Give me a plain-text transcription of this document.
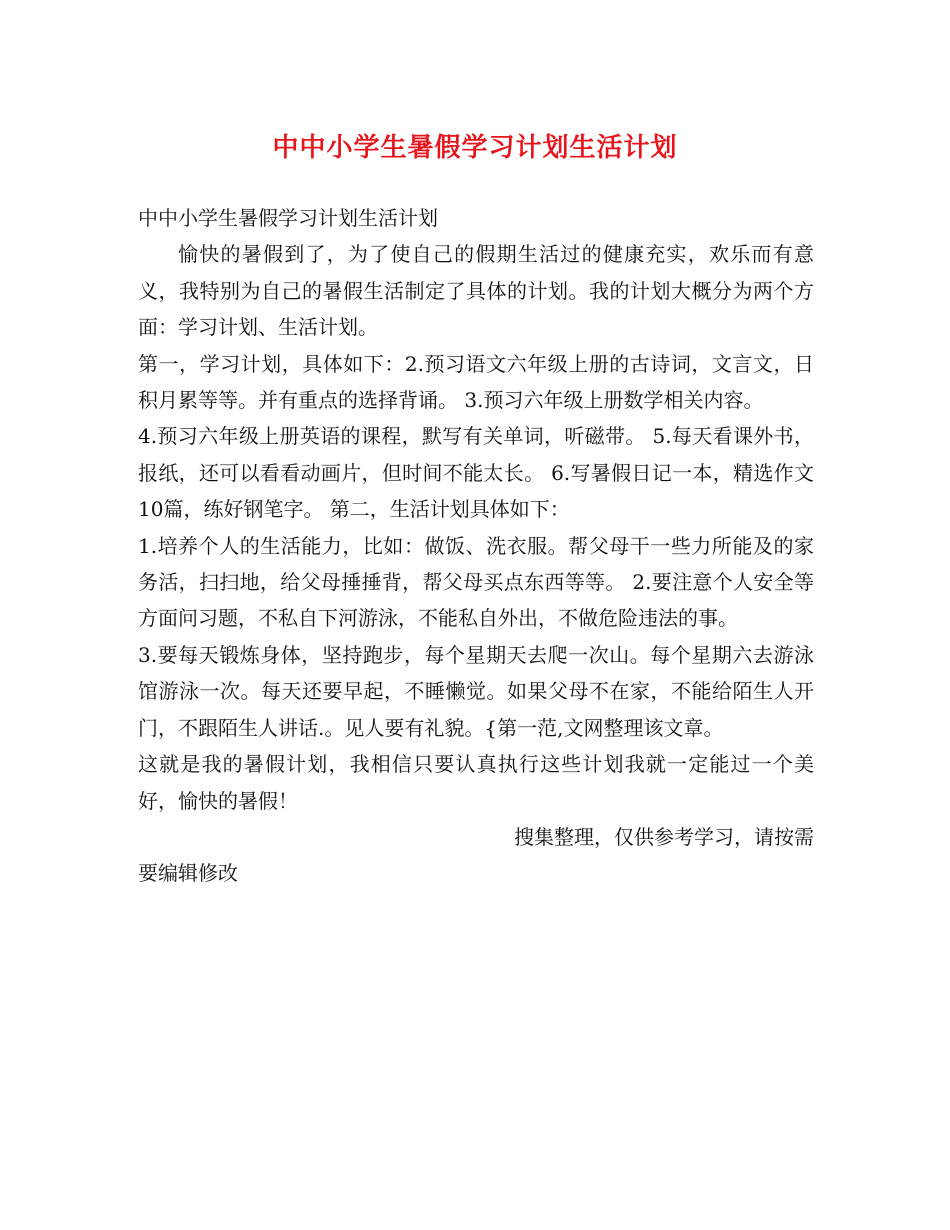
中中小学生暑假学习计划生活计划

中中小学生暑假学习计划生活计划

愉快的暑假到了，为了使自己的假期生活过的健康充实，欢乐而有意义，我特别为自己的暑假生活制定了具体的计划。我的计划大概分为两个方面：学习计划、生活计划。

第一，学习计划，具体如下：2.预习语文六年级上册的古诗词，文言文，日积月累等等。并有重点的选择背诵。 3.预习六年级上册数学相关内容。

4.预习六年级上册英语的课程，默写有关单词，听磁带。 5.每天看课外书，报纸，还可以看看动画片，但时间不能太长。 6.写暑假日记一本，精选作文10篇，练好钢笔字。 第二，生活计划具体如下：

1.培养个人的生活能力，比如：做饭、洗衣服。帮父母干一些力所能及的家务活，扫扫地，给父母捶捶背，帮父母买点东西等等。 2.要注意个人安全等方面问习题，不私自下河游泳，不能私自外出，不做危险违法的事。

3.要每天锻炼身体，坚持跑步，每个星期天去爬一次山。每个星期六去游泳馆游泳一次。每天还要早起，不睡懒觉。如果父母不在家，不能给陌生人开门，不跟陌生人讲话.。见人要有礼貌。{第一范,文网整理该文章。

这就是我的暑假计划，我相信只要认真执行这些计划我就一定能过一个美好，愉快的暑假！

搜集整理，仅供参考学习，请按需

要编辑修改
